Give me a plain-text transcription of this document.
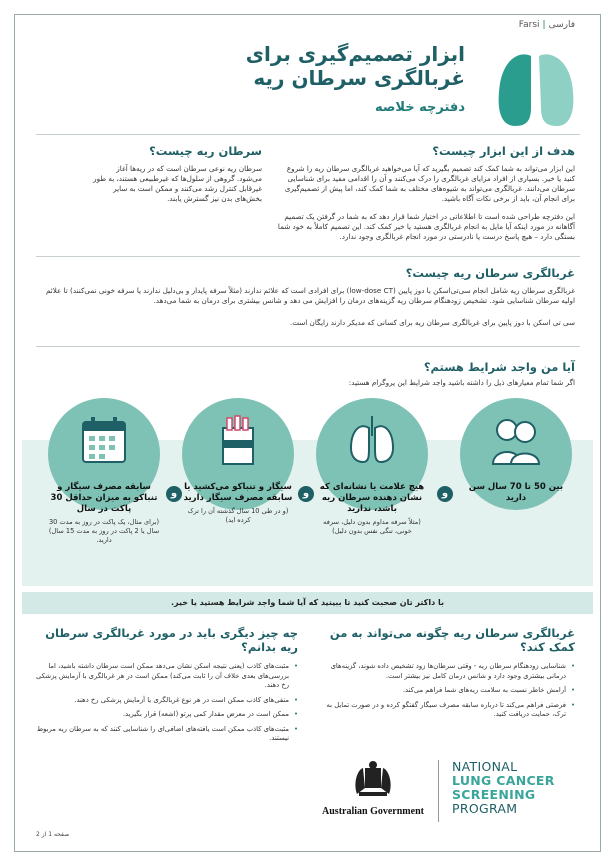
Farsi | فارسی
ابزار تصمیم‌گیری برای غربالگری سرطان ریه
دفترچه خلاصه
هدف از این ابزار چیست؟
این ابزار می‌تواند به شما کمک کند تصمیم بگیرید که آیا می‌خواهید غربالگری سرطان ریه را شروع کنید یا خیر. بسیاری از افراد مزایای غربالگری را درک می‌کنند و آن را اقدامی مفید برای شناسایی سرطان می‌دانند. غربالگری می‌تواند به شیوه‌های مختلف به شما کمک کند، اما پیش از تصمیم‌گیری برای انجام آن، باید از برخی نکات آگاه باشید.
این دفترچه طراحی شده است تا اطلاعاتی در اختیار شما قرار دهد که به شما در گرفتن یک تصمیم آگاهانه در مورد اینکه آیا مایل به انجام غربالگری هستید یا خیر کمک کند. این تصمیم کاملاً به خود شما بستگی دارد – هیچ پاسخ درست یا نادرستی در مورد انجام غربالگری وجود ندارد.
سرطان ریه چیست؟
سرطان ریه نوعی سرطان است که در ریه‌ها آغاز می‌شود. گروهی از سلول‌ها که غیرطبیعی هستند، به طور غیرقابل کنترل رشد می‌کنند و ممکن است به سایر بخش‌های بدن نیز گسترش یابند.
غربالگری سرطان ریه چیست؟
غربالگری سرطان ریه شامل انجام سی‌تی‌اسکن با دوز پایین (low-dose CT) برای افرادی است که علائم ندارند (مثلاً سرفه پایدار و بی‌دلیل ندارند یا سرفه خونی نمی‌کنند) تا علائم اولیه سرطان شناسایی شود. تشخیص زودهنگام سرطان ریه گزینه‌های درمان را افزایش می دهد و شانس بیشتری برای درمان به شما می‌دهد.
سی تی اسکن با دوز پایین برای غربالگری سرطان ریه برای کسانی که مدیکر دارند رایگان است.
آیا من واجد شرایط هستم؟
اگر شما تمام معیارهای ذیل را داشته باشید واجد شرایط این پروگرام هستید:
بین 50 تا 70 سال سن دارید
هیچ علامت یا نشانه‌ای که نشان دهنده سرطان ریه باشد، ندارید
(مثلاً سرفه مداوم بدون دلیل، سرفه خونی، تنگی نفس بدون دلیل)
سیگار و تنباکو می‌کشید یا سابقه مصرف سیگار دارید
(و در طی 10 سال گذشته آن را ترک کرده اید)
سابقه مصرف سیگار و تنباکو به میزان حداقل 30 پاکت در سال
(برای مثال، یک پاکت در روز به مدت 30 سال یا 2 پاکت در روز به مدت 15 سال) دارید.
و
و
و
با داکتر تان صحبت کنید تا ببینید که آیا شما واجد شرایط هستید یا خیر.
غربالگری سرطان ریه چگونه می‌تواند به من کمک کند؟
• شناسایی زودهنگام سرطان ریه - وقتی سرطان‌ها زود تشخیص داده شوند، گزینه‌های درمانی بیشتری وجود دارد و شانس درمان کامل نیز بیشتر است.
• آرامش خاطر نسبت به سلامت ریه‌های شما فراهم می‌کند.
• فرصتی فراهم می‌کند تا درباره سابقه مصرف سیگار گفتگو کرده و در صورت تمایل به ترک، حمایت دریافت کنید.
چه چیز دیگری باید در مورد غربالگری سرطان ریه بدانم؟
• مثبت‌های کاذب (یعنی نتیجه اسکن نشان می‌دهد ممکن است سرطان داشته باشید، اما بررسی‌های بعدی خلاف آن را ثابت می‌کند) ممکن است در هر غربالگری با آزمایش پزشکی رخ دهند.
• منفی‌های کاذب ممکن است در هر نوع غربالگری یا آزمایش پزشکی رخ دهند.
• ممکن است در معرض مقدار کمی پرتو (اشعه) قرار بگیرید.
• مثبت‌های کاذب ممکن است یافته‌های اضافی‌ای را شناسایی کنند که به سرطان ریه مربوط نیستند.
صفحه 1 از 2
Australian Government
NATIONAL
LUNG CANCER
SCREENING
PROGRAM
